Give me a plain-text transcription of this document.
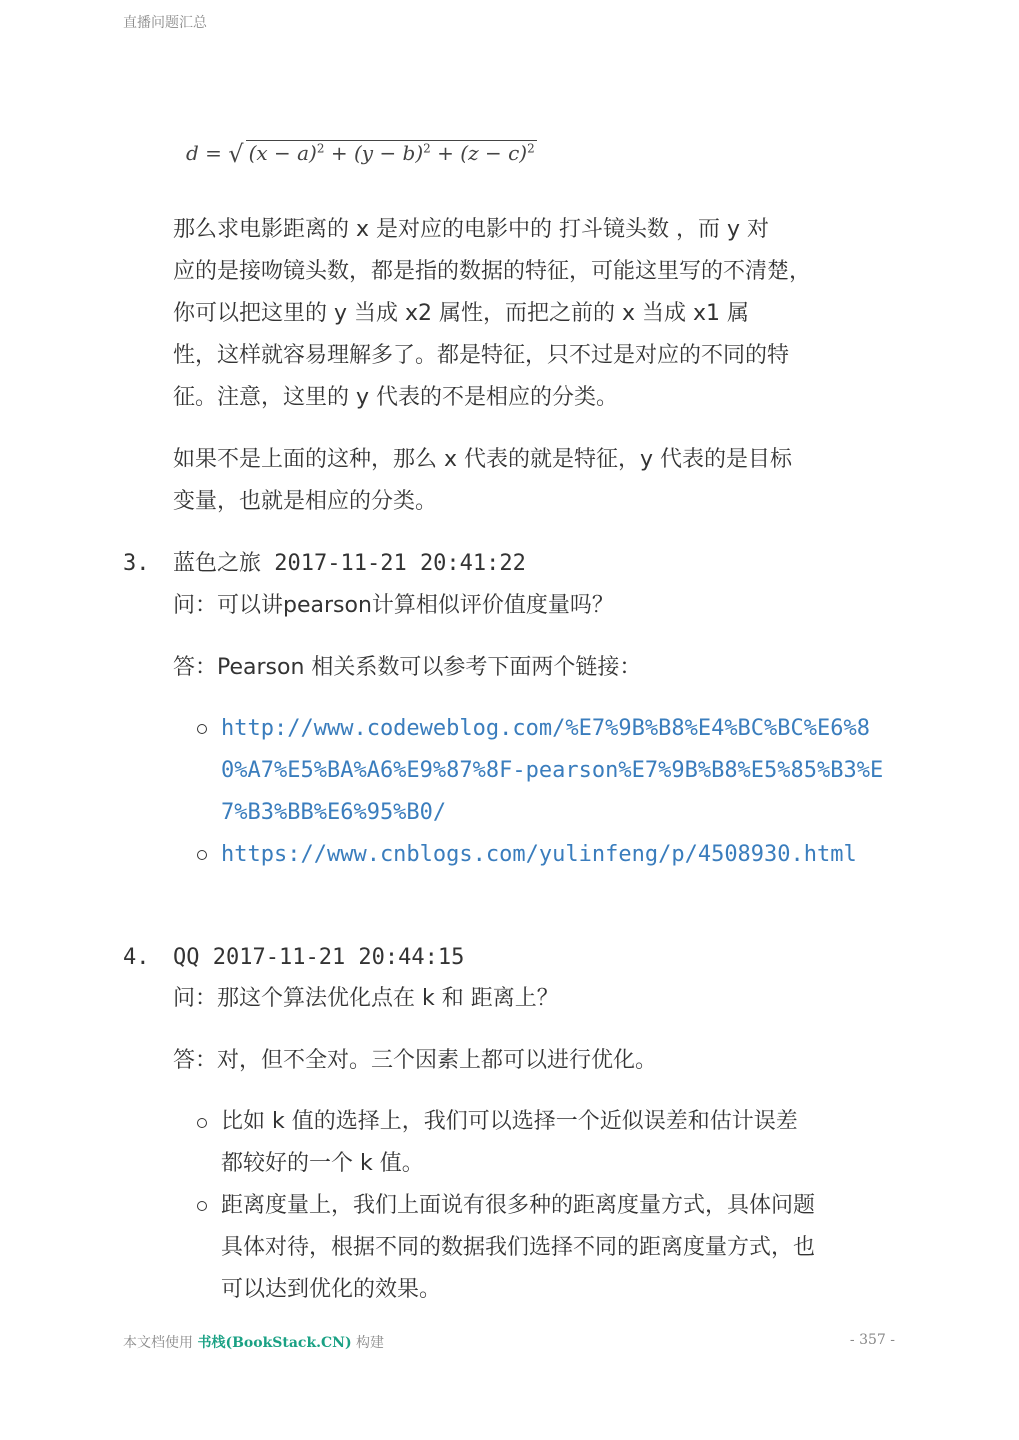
直播问题汇总
d = √ $(x - a)^2 + (y - b)^2 + (z - c)^2$

那么求电影距离的 x 是对应的电影中的 打斗镜头数 ，而 y 对

应的是接吻镜头数，都是指的数据的特征，可能这里写的不清楚，

你可以把这里的 y 当成 x2 属性，而把之前的 x 当成 x1 属

性，这样就容易理解多了。都是特征，只不过是对应的不同的特

征。注意，这里的 y 代表的不是相应的分类。

如果不是上面的这种，那么 x 代表的就是特征，y 代表的是目标

变量，也就是相应的分类。

3. 蓝色之旅 2017-11-21 20:41:22
问：可以讲pearson计算相似评价值度量吗？
答：Pearson 相关系数可以参考下面两个链接：
http://www.codeweblog.com/%E7%9B%B8%E4%BC%BC%E6%80%A7%E5%BA%A6%E9%87%8F-pearson%E7%9B%B8%E5%85%B3%E7%B3%BB%E6%95%B0/
https://www.cnblogs.com/yulinfeng/p/4508930.html
4. QQ 2017-11-21 20:44:15
问：那这个算法优化点在 k 和 距离上？
答：对，但不全对。三个因素上都可以进行优化。
比如 k 值的选择上，我们可以选择一个近似误差和估计误差
都较好的一个 k 值。
距离度量上，我们上面说有很多种的距离度量方式，具体问题
具体对待，根据不同的数据我们选择不同的距离度量方式，也
可以达到优化的效果。
本文档使用 书栈(BookStack.CN) 构建	- 357 -
